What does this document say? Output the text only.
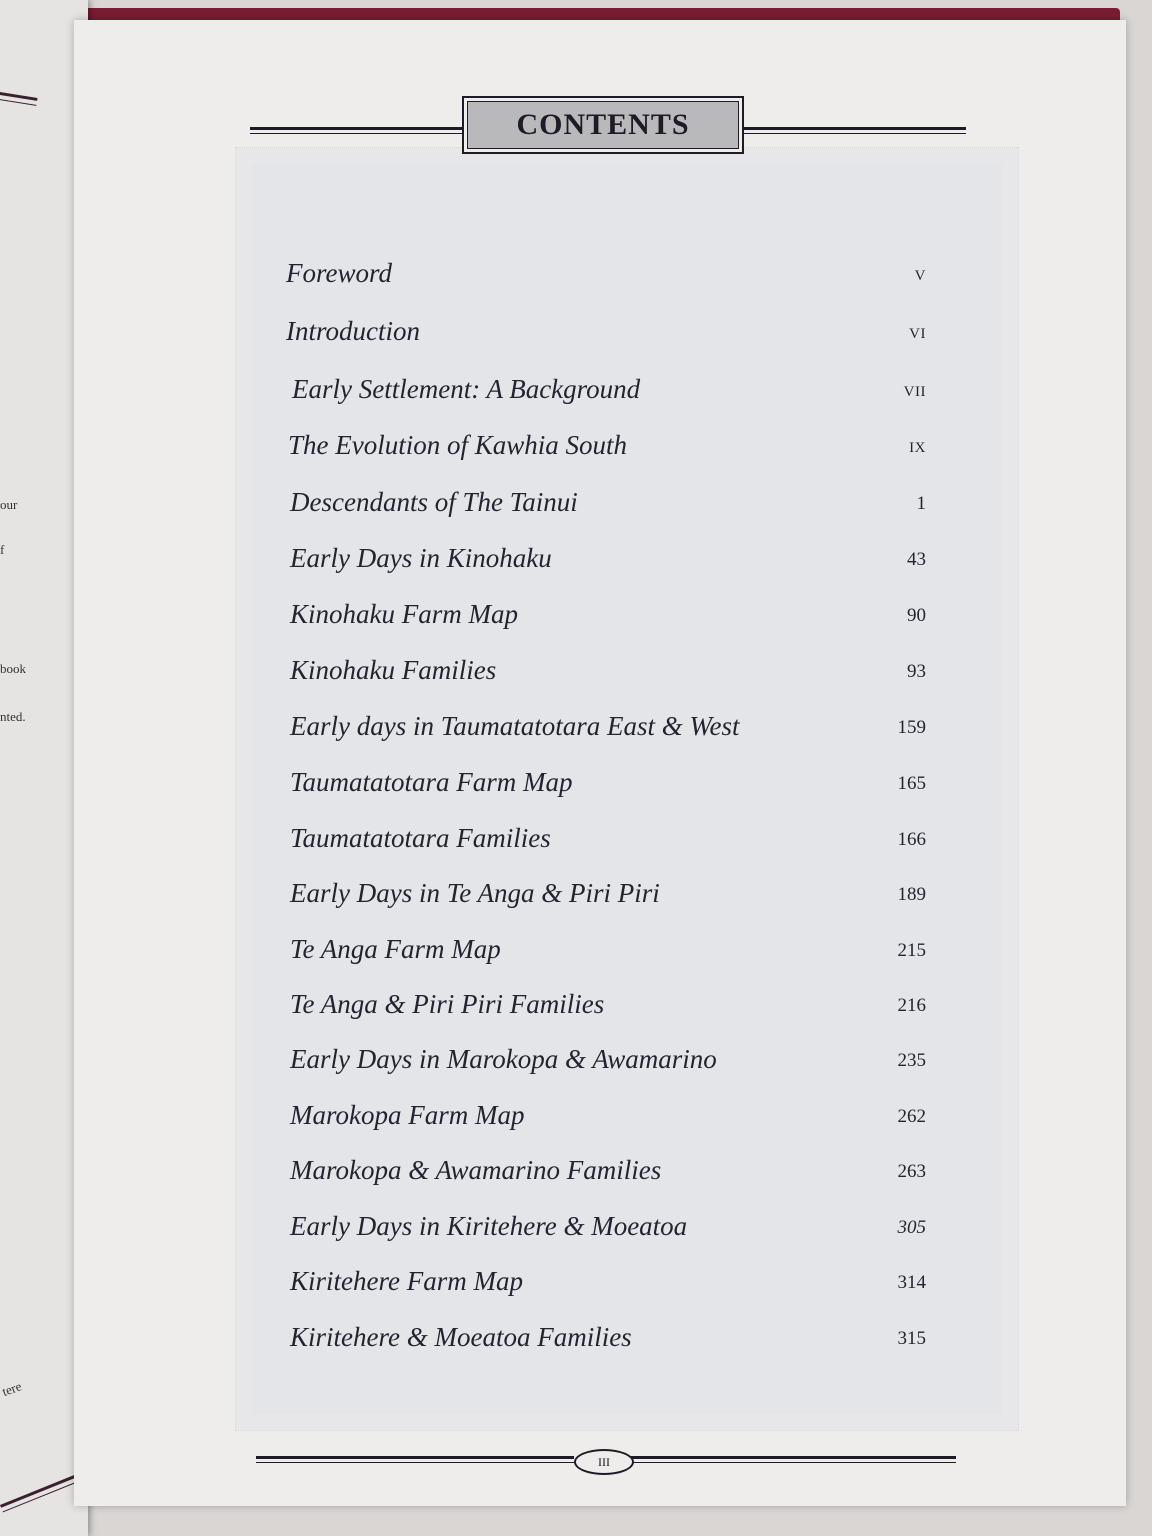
our
f
book
nted.
tere
CONTENTS
Foreword	V
Introduction	VI
Early Settlement: A Background	VII
The Evolution of Kawhia South	IX
Descendants of The Tainui	1
Early Days in Kinohaku	43
Kinohaku Farm Map	90
Kinohaku Families	93
Early days in Taumatatotara East & West	159
Taumatatotara Farm Map	165
Taumatatotara Families	166
Early Days in Te Anga & Piri Piri	189
Te Anga Farm Map	215
Te Anga & Piri Piri Families	216
Early Days in Marokopa & Awamarino	235
Marokopa Farm Map	262
Marokopa & Awamarino Families	263
Early Days in Kiritehere & Moeatoa	305
Kiritehere Farm Map	314
Kiritehere & Moeatoa Families	315
III
